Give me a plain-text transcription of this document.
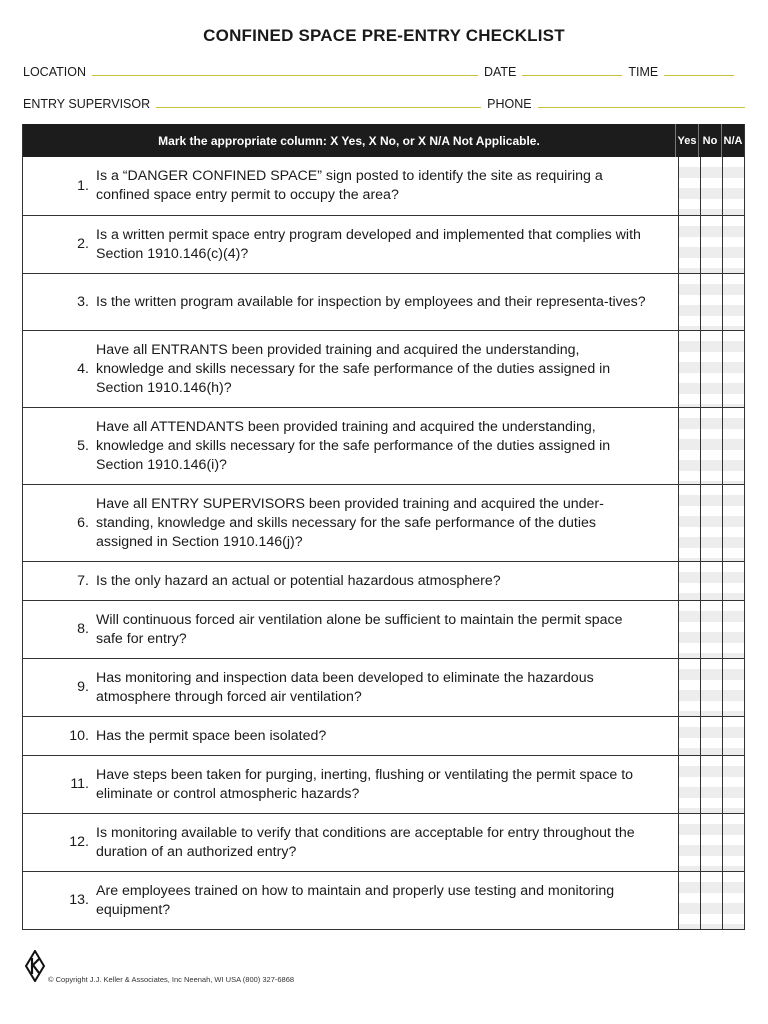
CONFINED SPACE PRE-ENTRY CHECKLIST
LOCATION	DATE	TIME
ENTRY SUPERVISOR	PHONE
Mark the appropriate column: X Yes, X No, or X N/A Not Applicable.	Yes No N/A
1.
Is a “DANGER CONFINED SPACE” sign posted to identify the site as requiring a confined space entry permit to occupy the area?
2.
Is a written permit space entry program developed and implemented that complies with Section 1910.146(c)(4)?
3. Is the written program available for inspection by employees and their representa-tives?
4.
Have all ENTRANTS been provided training and acquired the understanding, knowledge and skills necessary for the safe performance of the duties assigned in Section 1910.146(h)?
5.
Have all ATTENDANTS been provided training and acquired the understanding, knowledge and skills necessary for the safe performance of the duties assigned in Section 1910.146(i)?
6.
Have all ENTRY SUPERVISORS been provided training and acquired the under-standing, knowledge and skills necessary for the safe performance of the duties assigned in Section 1910.146(j)?
7. Is the only hazard an actual or potential hazardous atmosphere?
8.
Will continuous forced air ventilation alone be sufficient to maintain the permit space safe for entry?
9.
Has monitoring and inspection data been developed to eliminate the hazardous atmosphere through forced air ventilation?
10. Has the permit space been isolated?
11.
Have steps been taken for purging, inerting, flushing or ventilating the permit space to eliminate or control atmospheric hazards?
12.
Is monitoring available to verify that conditions are acceptable for entry throughout the duration of an authorized entry?
13.
Are employees trained on how to maintain and properly use testing and monitoring equipment?
© Copyright J.J. Keller & Associates, Inc Neenah, WI USA (800) 327-6868
